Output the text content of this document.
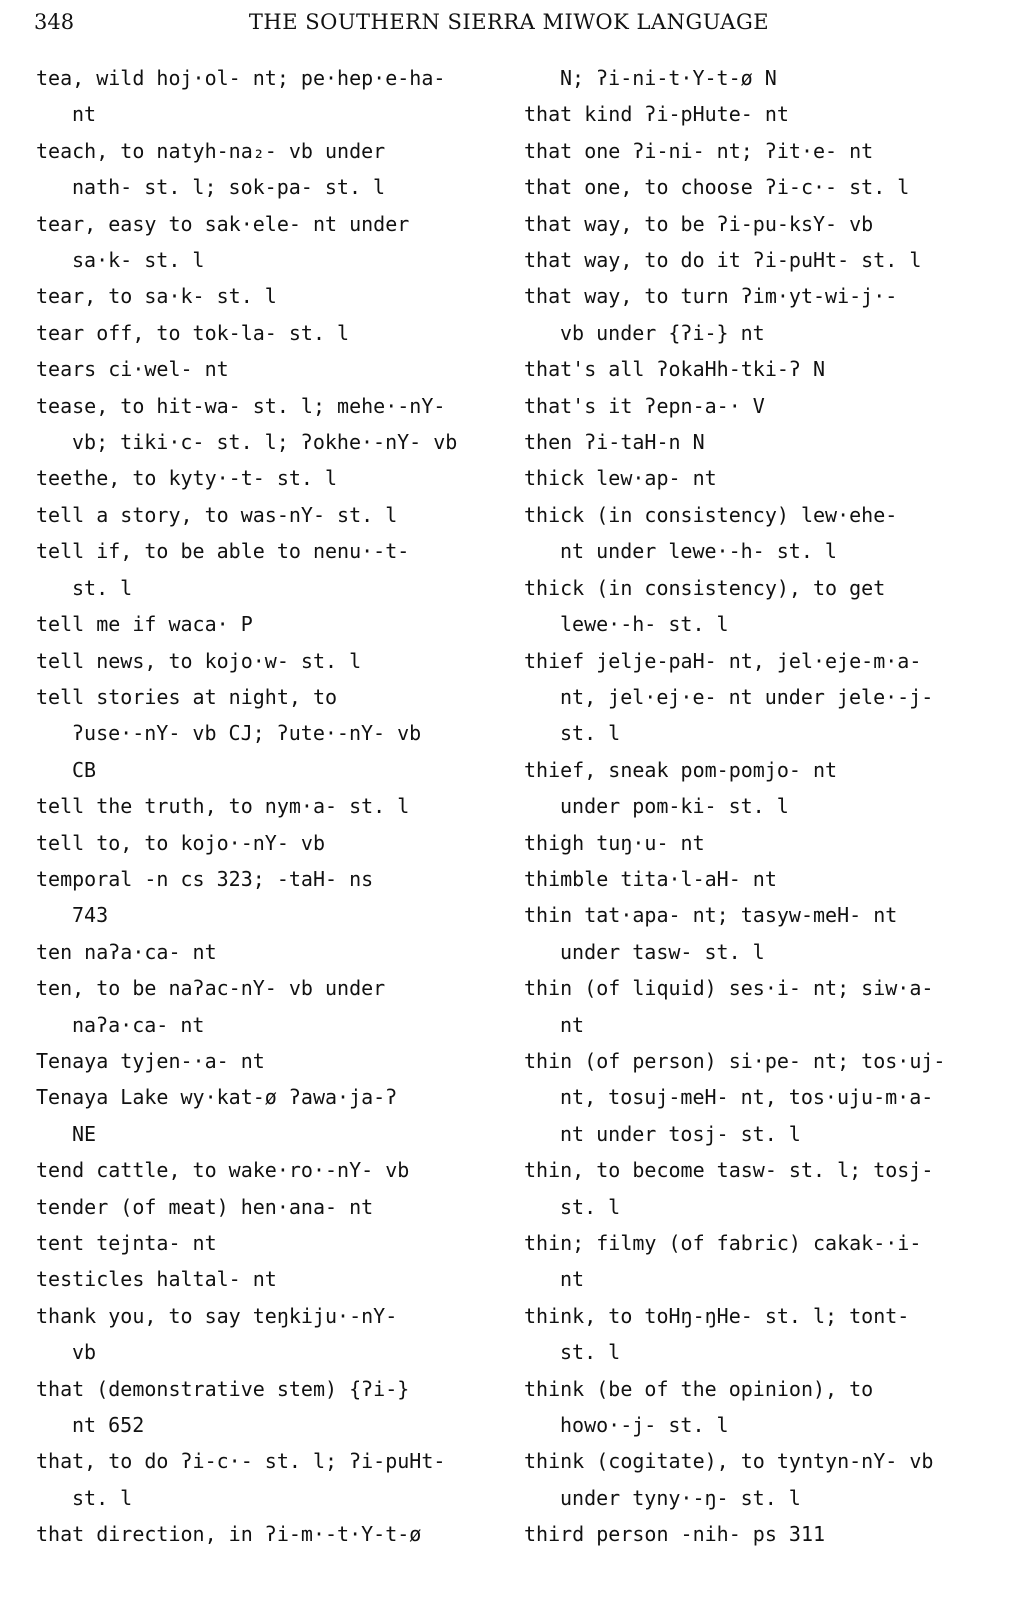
348	THE SOUTHERN SIERRA MIWOK LANGUAGE
tea, wild hoj·ol- nt; pe·hep·e-ha-
nt
teach, to natyh-na₂- vb under
nath- st. l; sok-pa- st. l
tear, easy to sak·ele- nt under
sa·k- st. l
tear, to sa·k- st. l
tear off, to tok-la- st. l
tears ci·wel- nt
tease, to hit-wa- st. l; mehe·-nY-
vb; tiki·c- st. l; ʔokhe·-nY- vb
teethe, to kyty·-t- st. l
tell a story, to was-nY- st. l
tell if, to be able to nenu·-t-
st. l
tell me if waca· P
tell news, to kojo·w- st. l
tell stories at night, to
ʔuse·-nY- vb CJ; ʔute·-nY- vb
CB
tell the truth, to nym·a- st. l
tell to, to kojo·-nY- vb
temporal -n cs 323; -taH- ns
743
ten naʔa·ca- nt
ten, to be naʔac-nY- vb under
naʔa·ca- nt
Tenaya tyjen-·a- nt
Tenaya Lake wy·kat-ø ʔawa·ja-ʔ
NE
tend cattle, to wake·ro·-nY- vb
tender (of meat) hen·ana- nt
tent tejnta- nt
testicles haltal- nt
thank you, to say teŋkiju·-nY-
vb
that (demonstrative stem) {ʔi-}
nt 652
that, to do ʔi-c·- st. l; ʔi-puHt-
st. l
that direction, in ʔi-m·-t·Y-t-ø
N; ʔi-ni-t·Y-t-ø N
that kind ʔi-pHute- nt
that one ʔi-ni- nt; ʔit·e- nt
that one, to choose ʔi-c·- st. l
that way, to be ʔi-pu-ksY- vb
that way, to do it ʔi-puHt- st. l
that way, to turn ʔim·yt-wi-j·-
vb under {ʔi-} nt
that's all ʔokaHh-tki-ʔ N
that's it ʔepn-a-· V
then ʔi-taH-n N
thick lew·ap- nt
thick (in consistency) lew·ehe-
nt under lewe·-h- st. l
thick (in consistency), to get
lewe·-h- st. l
thief jelje-paH- nt, jel·eje-m·a-
nt, jel·ej·e- nt under jele·-j-
st. l
thief, sneak pom-pomjo- nt
under pom-ki- st. l
thigh tuŋ·u- nt
thimble tita·l-aH- nt
thin tat·apa- nt; tasyw-meH- nt
under tasw- st. l
thin (of liquid) ses·i- nt; siw·a-
nt
thin (of person) si·pe- nt; tos·uj-
nt, tosuj-meH- nt, tos·uju-m·a-
nt under tosj- st. l
thin, to become tasw- st. l; tosj-
st. l
thin; filmy (of fabric) cakak-·i-
nt
think, to toHŋ-ŋHe- st. l; tont-
st. l
think (be of the opinion), to
howo·-j- st. l
think (cogitate), to tyntyn-nY- vb
under tyny·-ŋ- st. l
third person -nih- ps 311
